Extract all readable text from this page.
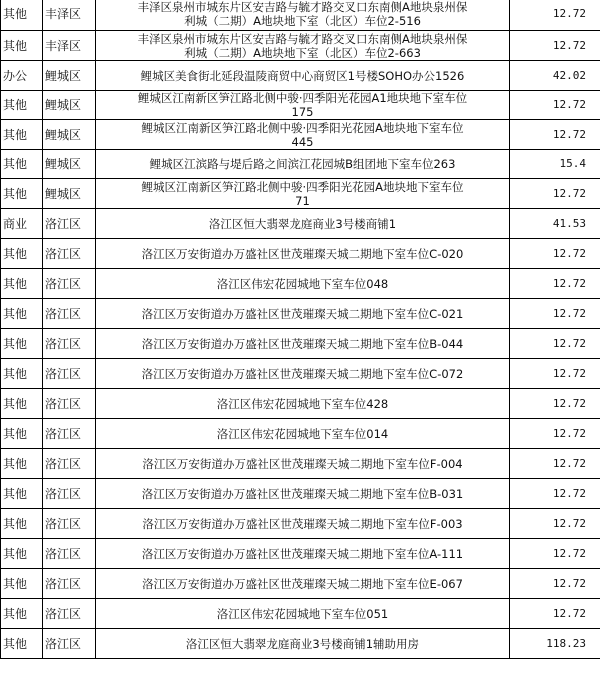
其他	丰泽区	丰泽区泉州市城东片区安吉路与毓才路交叉口东南侧A地块泉州保
利城（二期）A地块地下室（北区）车位2-516	12.72
其他	丰泽区	丰泽区泉州市城东片区安吉路与毓才路交叉口东南侧A地块泉州保
利城（二期）A地块地下室（北区）车位2-663	12.72
办公	鲤城区	鲤城区美食街北延段温陵商贸中心商贸区1号楼SOHO办公1526	42.02
其他	鲤城区	鲤城区江南新区笋江路北侧中骏·四季阳光花园A1地块地下室车位
175	12.72
其他	鲤城区	鲤城区江南新区笋江路北侧中骏·四季阳光花园A地块地下室车位
445	12.72
其他	鲤城区	鲤城区江滨路与堤后路之间滨江花园城B组团地下室车位263	15.4
其他	鲤城区	鲤城区江南新区笋江路北侧中骏·四季阳光花园A地块地下室车位
71	12.72
商业	洛江区	洛江区恒大翡翠龙庭商业3号楼商铺1	41.53
其他	洛江区	洛江区万安街道办万盛社区世茂璀璨天城二期地下室车位C-020	12.72
其他	洛江区	洛江区伟宏花园城地下室车位048	12.72
其他	洛江区	洛江区万安街道办万盛社区世茂璀璨天城二期地下室车位C-021	12.72
其他	洛江区	洛江区万安街道办万盛社区世茂璀璨天城二期地下室车位B-044	12.72
其他	洛江区	洛江区万安街道办万盛社区世茂璀璨天城二期地下室车位C-072	12.72
其他	洛江区	洛江区伟宏花园城地下室车位428	12.72
其他	洛江区	洛江区伟宏花园城地下室车位014	12.72
其他	洛江区	洛江区万安街道办万盛社区世茂璀璨天城二期地下室车位F-004	12.72
其他	洛江区	洛江区万安街道办万盛社区世茂璀璨天城二期地下室车位B-031	12.72
其他	洛江区	洛江区万安街道办万盛社区世茂璀璨天城二期地下室车位F-003	12.72
其他	洛江区	洛江区万安街道办万盛社区世茂璀璨天城二期地下室车位A-111	12.72
其他	洛江区	洛江区万安街道办万盛社区世茂璀璨天城二期地下室车位E-067	12.72
其他	洛江区	洛江区伟宏花园城地下室车位051	12.72
其他	洛江区	洛江区恒大翡翠龙庭商业3号楼商铺1辅助用房	118.23
